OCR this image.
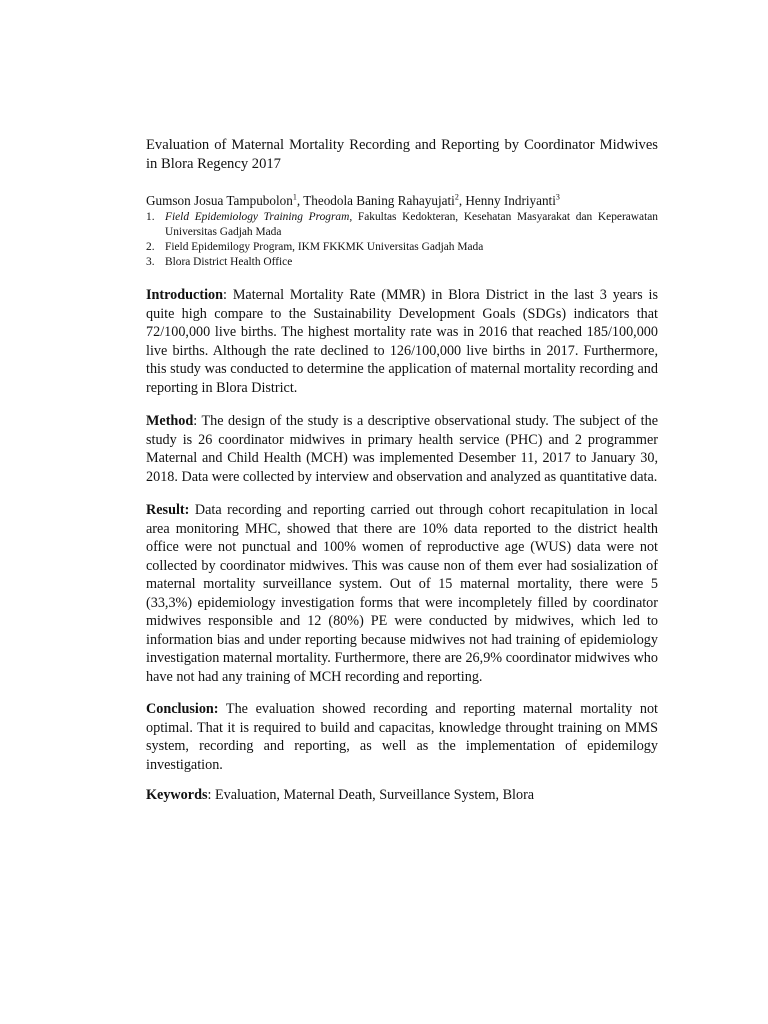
Evaluation of Maternal Mortality Recording and Reporting by Coordinator Midwives in Blora Regency 2017

Gumson Josua Tampubolon$^1$, Theodola Baning Rahayujati$^2$, Henny Indriyanti$^3$

1. Field Epidemiology Training Program, Fakultas Kedokteran, Kesehatan Masyarakat dan Keperawatan Universitas Gadjah Mada
2. Field Epidemilogy Program, IKM FKKMK Universitas Gadjah Mada
3. Blora District Health Office

Introduction: Maternal Mortality Rate (MMR) in Blora District in the last 3 years is quite high compare to the Sustainability Development Goals (SDGs) indicators that 72/100,000 live births. The highest mortality rate was in 2016 that reached 185/100,000 live births. Although the rate declined to 126/100,000 live births in 2017. Furthermore, this study was conducted to determine the application of maternal mortality recording and reporting in Blora District.

Method: The design of the study is a descriptive observational study. The subject of the study is 26 coordinator midwives in primary health service (PHC) and 2 programmer Maternal and Child Health (MCH) was implemented Desember 11, 2017 to January 30, 2018. Data were collected by interview and observation and analyzed as quantitative data.

Result: Data recording and reporting carried out through cohort recapitulation in local area monitoring MHC, showed that there are 10% data reported to the district health office were not punctual and 100% women of reproductive age (WUS) data were not collected by coordinator midwives. This was cause non of them ever had sosialization of maternal mortality surveillance system. Out of 15 maternal mortality, there were 5 (33,3%) epidemiology investigation forms that were incompletely filled by coordinator midwives responsible and 12 (80%) PE were conducted by midwives, which led to information bias and under reporting because midwives not had training of epidemiology investigation maternal mortality. Furthermore, there are 26,9% coordinator midwives who have not had any training of MCH recording and reporting.

Conclusion: The evaluation showed recording and reporting maternal mortality not optimal. That it is required to build and capacitas, knowledge throught training on MMS system, recording and reporting, as well as the implementation of epidemilogy investigation.

Keywords: Evaluation, Maternal Death, Surveillance System, Blora
